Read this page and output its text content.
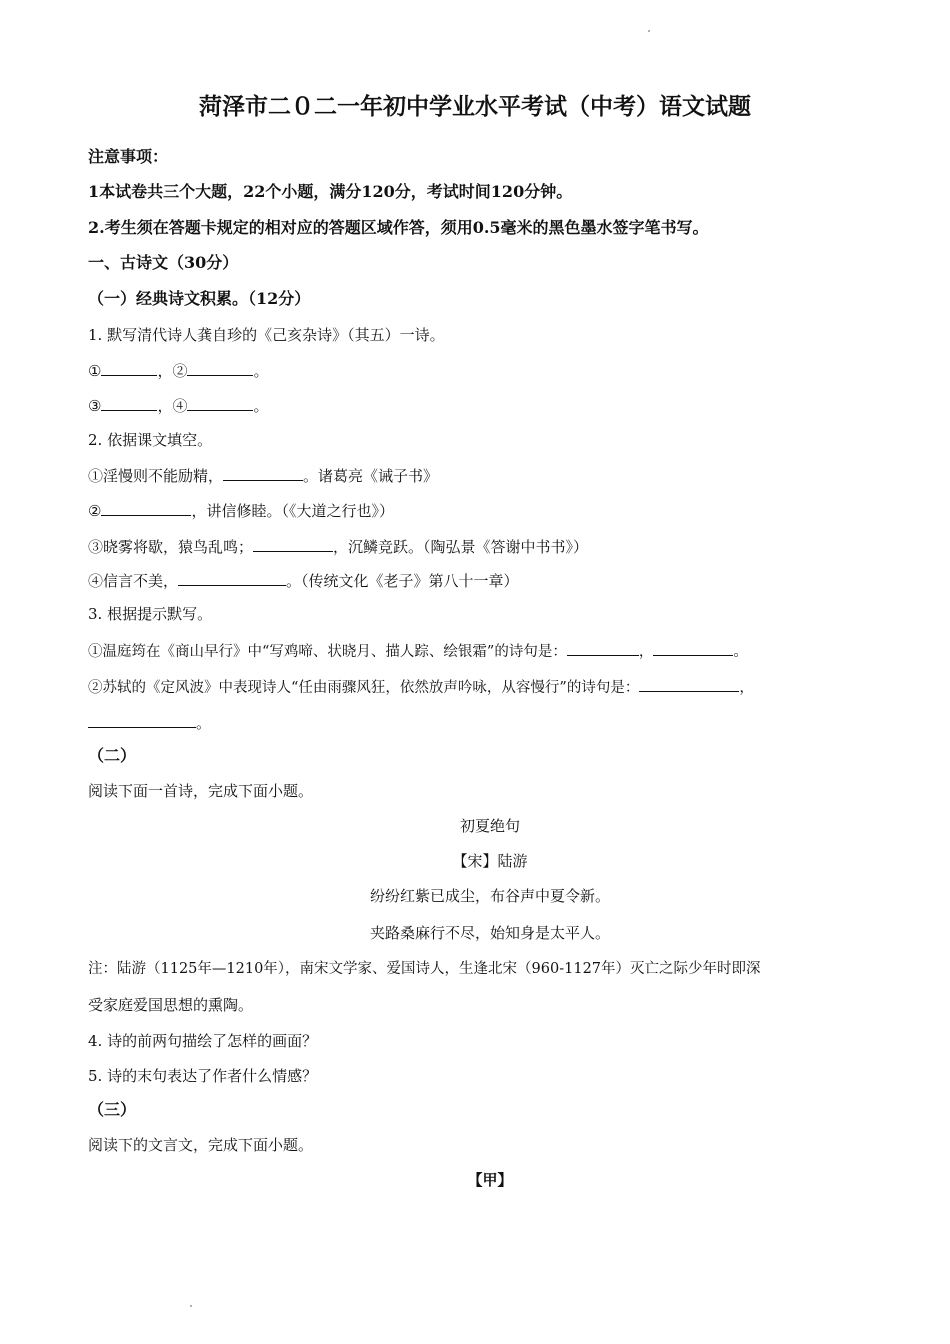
菏泽市二０二一年初中学业水平考试（中考）语文试题
注意事项：
1本试卷共三个大题，22个小题，满分120分，考试时间120分钟。
2.考生须在答题卡规定的相对应的答题区域作答，须用0.5毫米的黑色墨水签字笔书写。
一、古诗文（30分）
（一）经典诗文积累。（12分）
1. 默写清代诗人龚自珍的《己亥杂诗》（其五）一诗。
①	，②	。
③	，④	。
2. 依据课文填空。
①淫慢则不能励精，	。诸葛亮《诫子书》
②	，讲信修睦。（《大道之行也》）
③晓雾将歇，猿鸟乱鸣；	，沉鳞竞跃。（陶弘景《答谢中书书》）
④信言不美，	。（传统文化《老子》第八十一章）
3. 根据提示默写。
①温庭筠在《商山早行》中“写鸡啼、状晓月、描人踪、绘银霜”的诗句是：	，	。
②苏轼的《定风波》中表现诗人“任由雨骤风狂，依然放声吟咏，从容慢行”的诗句是：	，
。
（二）
阅读下面一首诗，完成下面小题。
初夏绝句
【宋】陆游
纷纷红紫已成尘，布谷声中夏令新。
夹路桑麻行不尽，始知身是太平人。
注：陆游（1125年—1210年），南宋文学家、爱国诗人，生逢北宋（960-1127年）灭亡之际少年时即深
受家庭爱国思想的熏陶。
4. 诗的前两句描绘了怎样的画面？
5. 诗的末句表达了作者什么情感？
（三）
阅读下的文言文，完成下面小题。
【甲】
